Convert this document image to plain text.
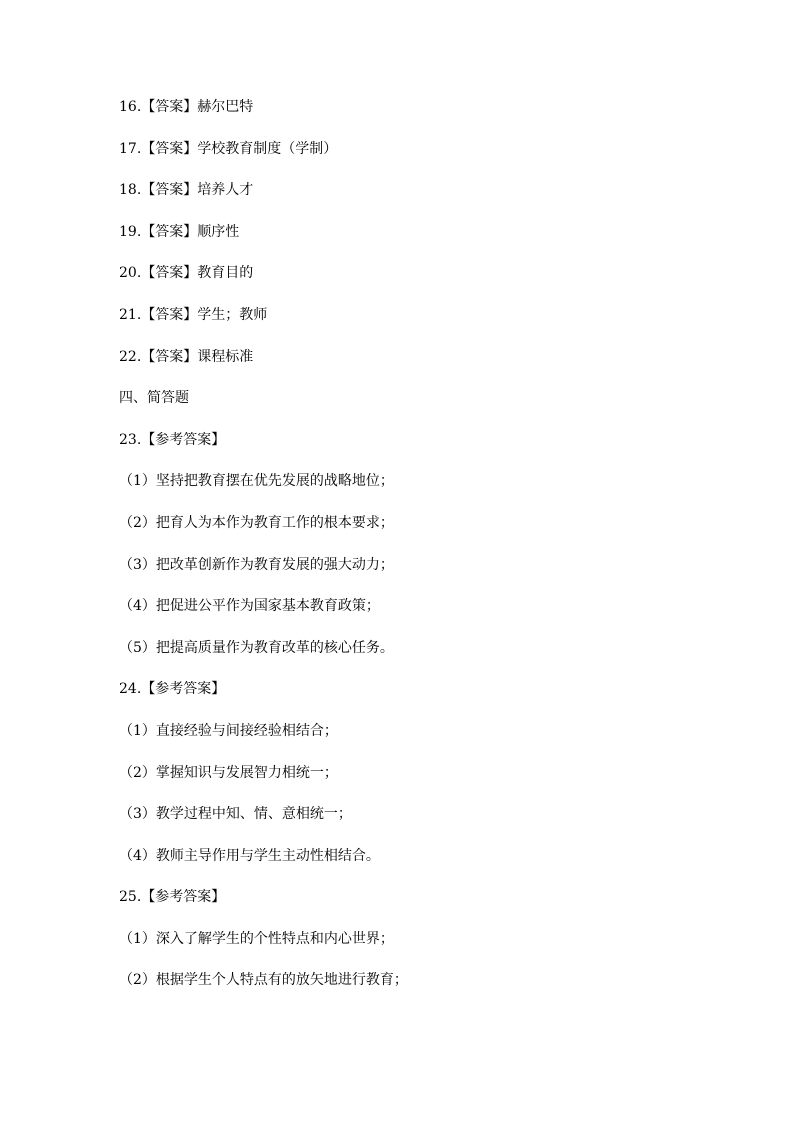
16.【答案】赫尔巴特
17.【答案】学校教育制度（学制）
18.【答案】培养人才
19.【答案】顺序性
20.【答案】教育目的
21.【答案】学生；教师
22.【答案】课程标准
四、简答题
23.【参考答案】
（1）坚持把教育摆在优先发展的战略地位；
（2）把育人为本作为教育工作的根本要求；
（3）把改革创新作为教育发展的强大动力；
（4）把促进公平作为国家基本教育政策；
（5）把提高质量作为教育改革的核心任务。
24.【参考答案】
（1）直接经验与间接经验相结合；
（2）掌握知识与发展智力相统一；
（3）教学过程中知、情、意相统一；
（4）教师主导作用与学生主动性相结合。
25.【参考答案】
（1）深入了解学生的个性特点和内心世界；
（2）根据学生个人特点有的放矢地进行教育；
